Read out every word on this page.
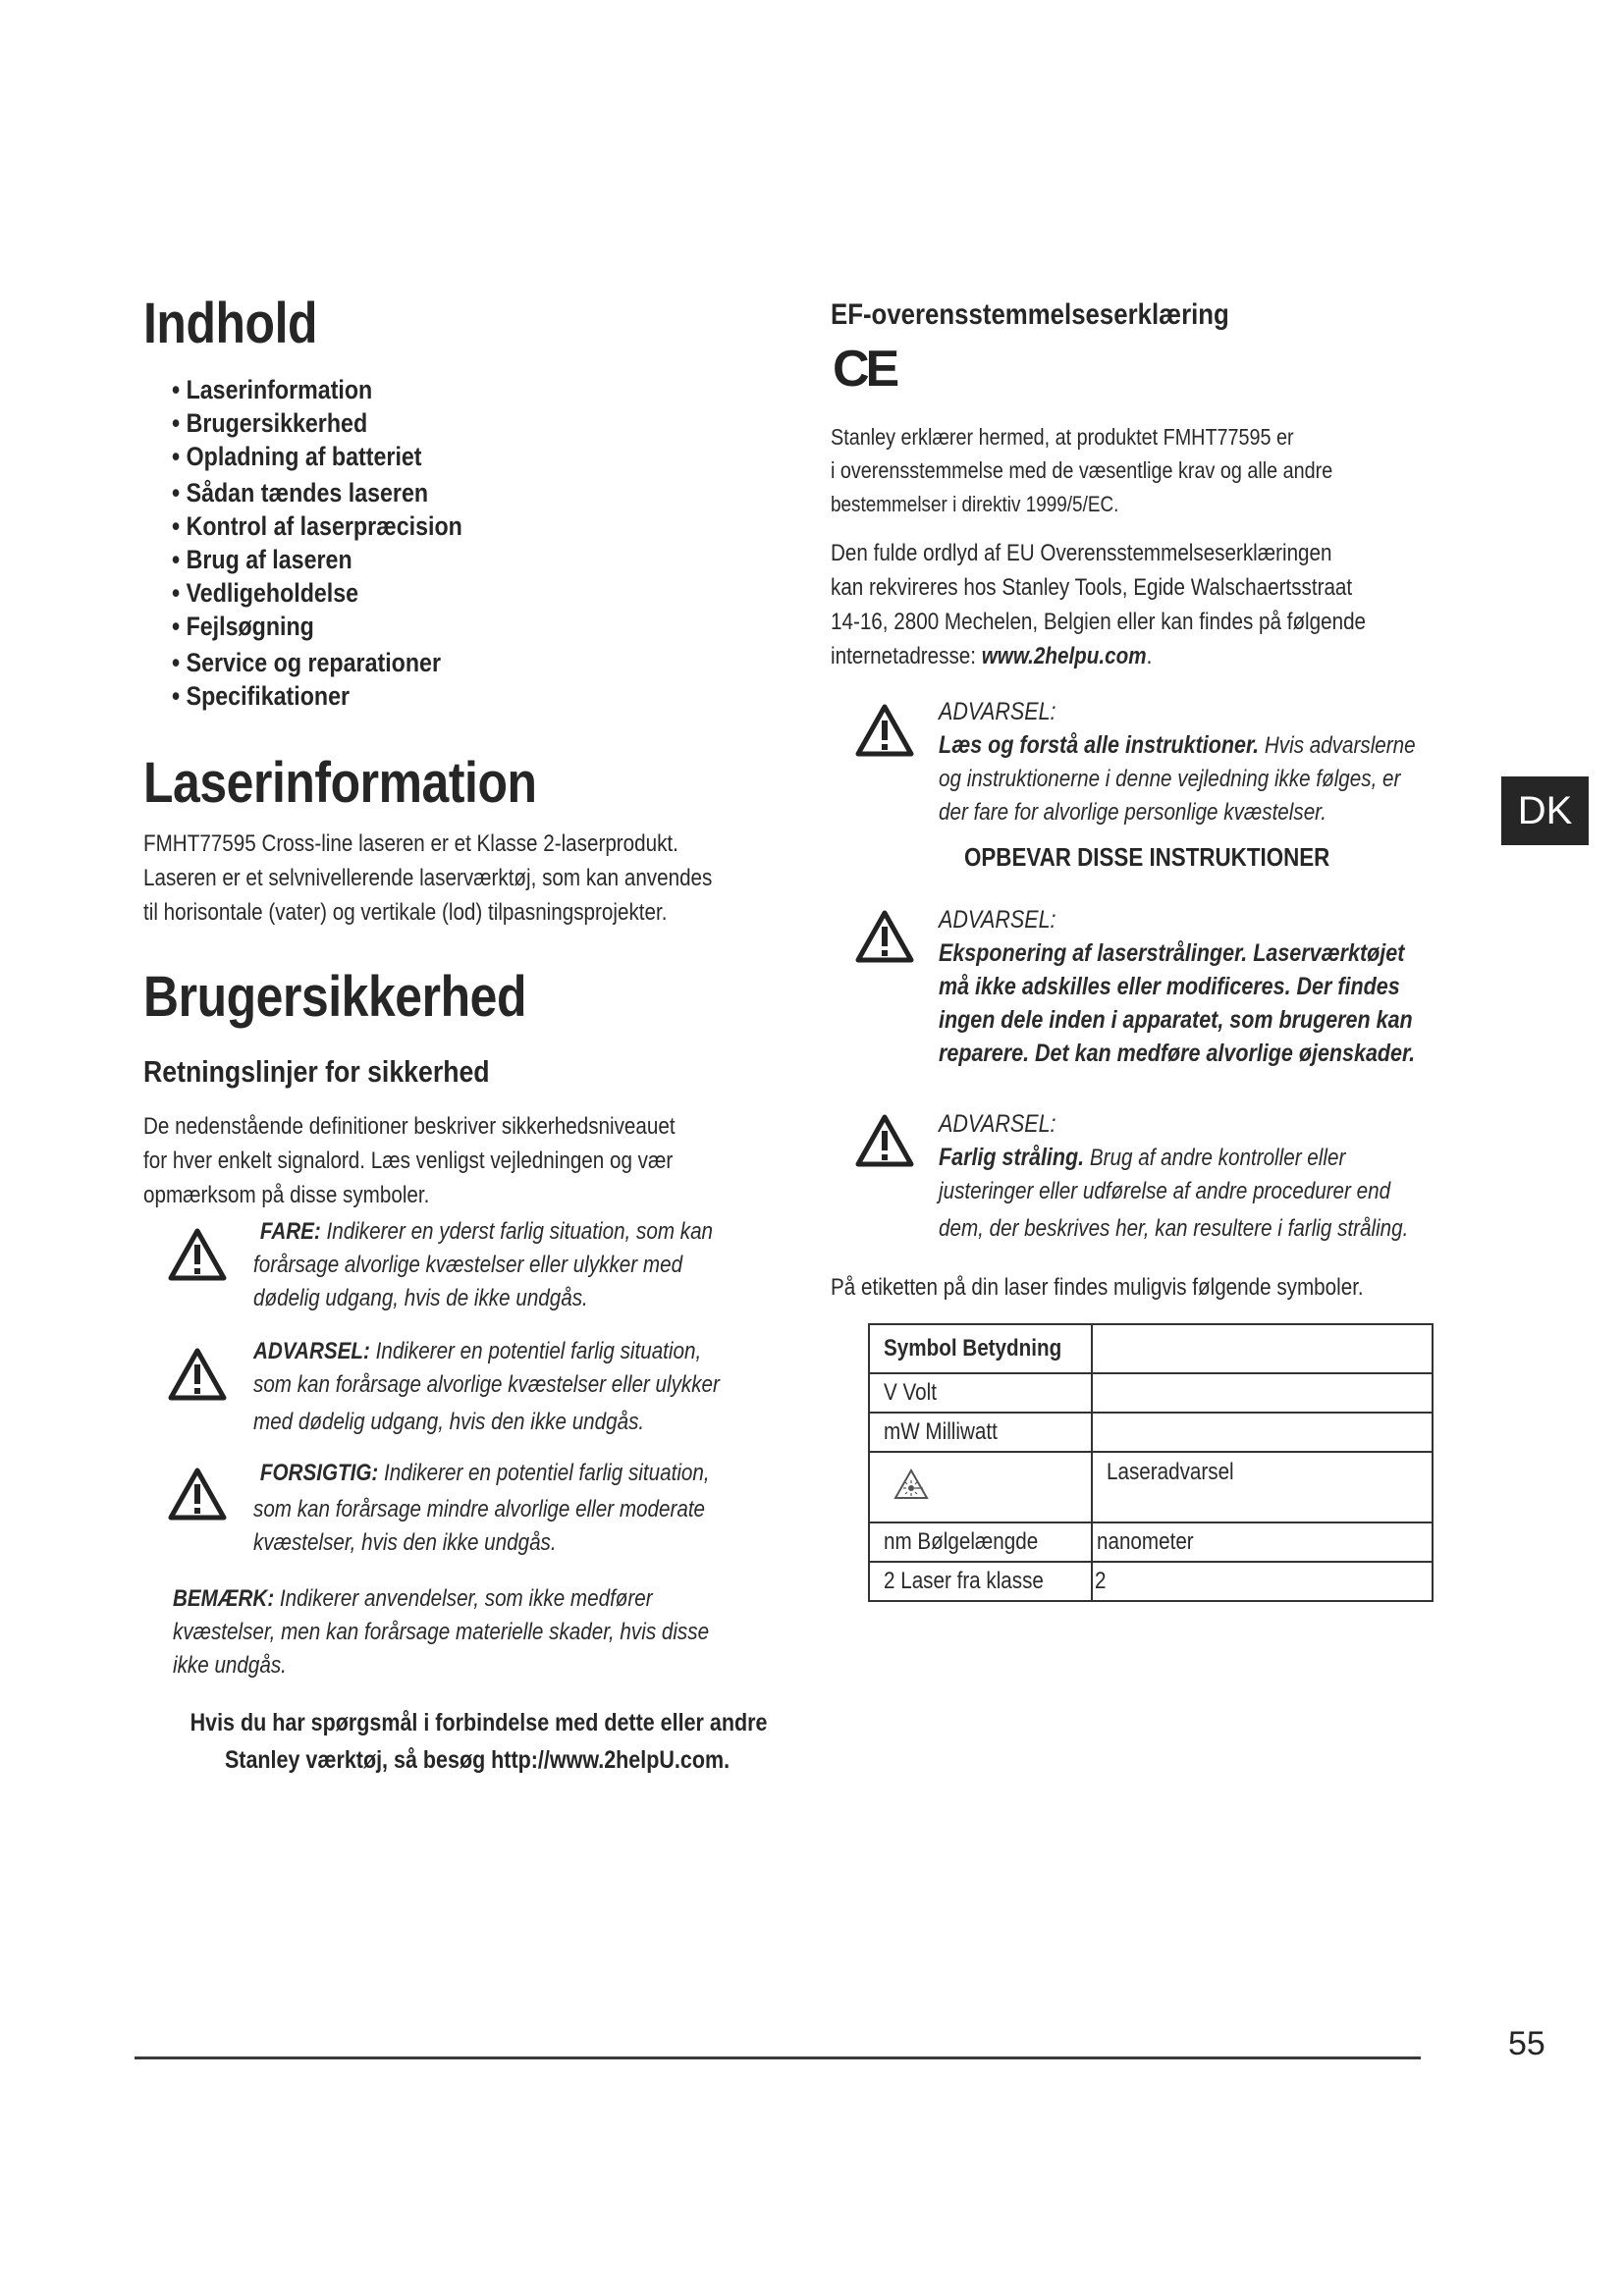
Indhold
• Laserinformation
• Brugersikkerhed
• Opladning af batteriet
• Sådan tændes laseren
• Kontrol af laserpræcision
• Brug af laseren
• Vedligeholdelse
• Fejlsøgning
• Service og reparationer
• Specifikationer
Laserinformation
FMHT77595 Cross-line laseren er et Klasse 2-laserprodukt.
Laseren er et selvnivellerende laserværktøj, som kan anvendes
til horisontale (vater) og vertikale (lod) tilpasningsprojekter.
Brugersikkerhed
Retningslinjer for sikkerhed
De nedenstående definitioner beskriver sikkerhedsniveauet
for hver enkelt signalord. Læs venligst vejledningen og vær
opmærksom på disse symboler.
FARE: Indikerer en yderst farlig situation, som kan
forårsage alvorlige kvæstelser eller ulykker med
dødelig udgang, hvis de ikke undgås.
ADVARSEL: Indikerer en potentiel farlig situation,
som kan forårsage alvorlige kvæstelser eller ulykker
med dødelig udgang, hvis den ikke undgås.
FORSIGTIG: Indikerer en potentiel farlig situation,
som kan forårsage mindre alvorlige eller moderate
kvæstelser, hvis den ikke undgås.
BEMÆRK: Indikerer anvendelser, som ikke medfører
kvæstelser, men kan forårsage materielle skader, hvis disse
ikke undgås.
Hvis du har spørgsmål i forbindelse med dette eller andre
Stanley værktøj, så besøg http://www.2helpU.com.
EF-overensstemmelseserklæring
CE
Stanley erklærer hermed, at produktet FMHT77595 er
i overensstemmelse med de væsentlige krav og alle andre
bestemmelser i direktiv 1999/5/EC.
Den fulde ordlyd af EU Overensstemmelseserklæringen
kan rekvireres hos Stanley Tools, Egide Walschaertsstraat
14-16, 2800 Mechelen, Belgien eller kan findes på følgende
internetadresse: www.2helpu.com.
ADVARSEL:
Læs og forstå alle instruktioner. Hvis advarslerne
og instruktionerne i denne vejledning ikke følges, er
der fare for alvorlige personlige kvæstelser.
OPBEVAR DISSE INSTRUKTIONER
ADVARSEL:
Eksponering af laserstrålinger. Laserværktøjet
må ikke adskilles eller modificeres. Der findes
ingen dele inden i apparatet, som brugeren kan
reparere. Det kan medføre alvorlige øjenskader.
ADVARSEL:
Farlig stråling. Brug af andre kontroller eller
justeringer eller udførelse af andre procedurer end
dem, der beskrives her, kan resultere i farlig stråling.
På etiketten på din laser findes muligvis følgende symboler.
Symbol Betydning	
V Volt	
mW Milliwatt	
	Laseradvarsel
nm Bølgelængde	nanometer
2 Laser fra klasse	2
DK
55
